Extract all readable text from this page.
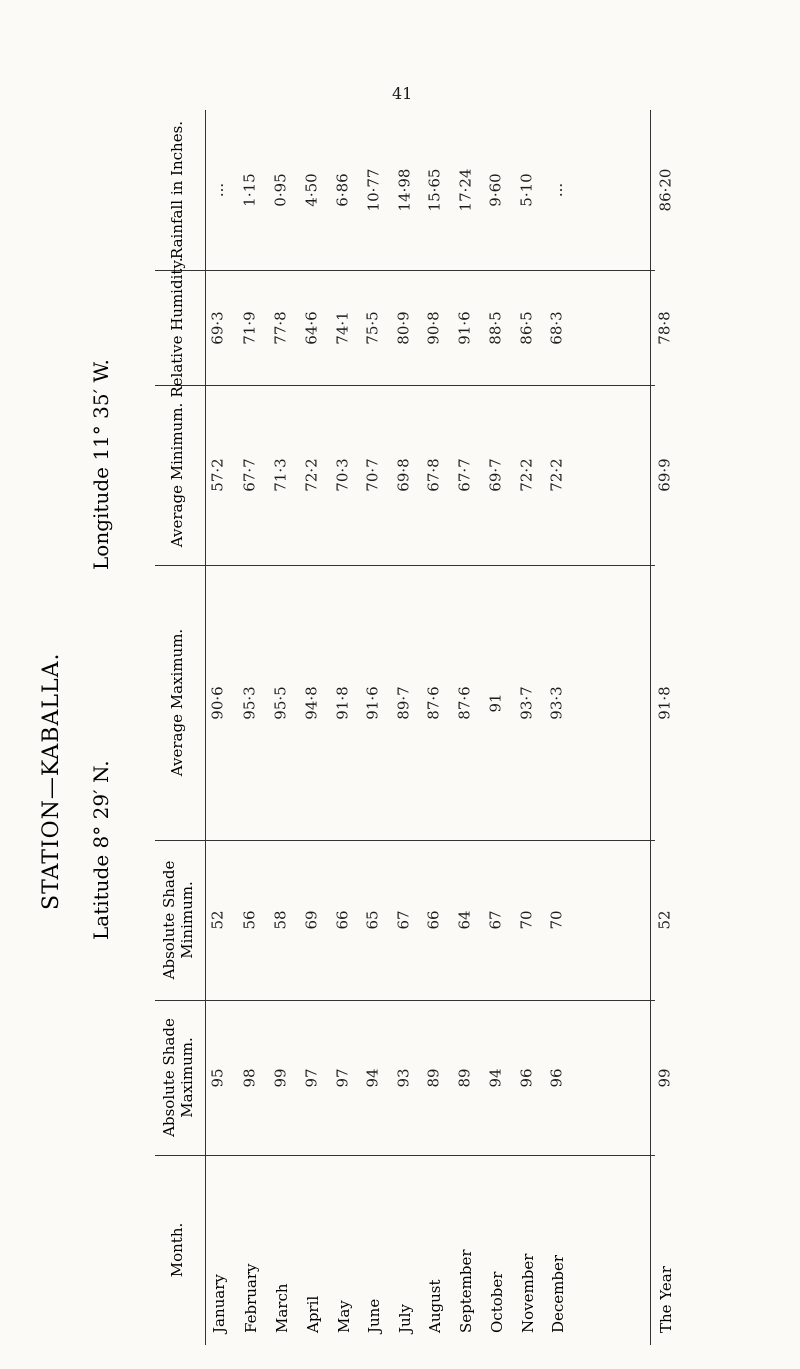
41
STATION—KABALLA. Latitude 8° 29′ N.
Longitude 11° 35′ W.
Month.
Absolute Shade Maximum.
Absolute Shade Minimum.
Average Maximum.
Average Minimum.
Relative Humidity.
Rainfall in Inches.
January
95
52
90·6
57·2
69·3
...
February
98
56
95·3
67·7
71·9
1·15
March
99
58
95·5
71·3
77·8
0·95
April
97
69
94·8
72·2
64·6
4·50
May
97
66
91·8
70·3
74·1
6·86
June
94
65
91·6
70·7
75·5
10·77
July
93
67
89·7
69·8
80·9
14·98
August
89
66
87·6
67·8
90·8
15·65
September
89
64
87·6
67·7
91·6
17·24
October
94
67
91
69·7
88·5
9·60
November
96
70
93·7
72·2
86·5
5·10
December
96
70
93·3
72·2
68·3
...
The Year
99
52
91·8
69·9
78·8
86·20
